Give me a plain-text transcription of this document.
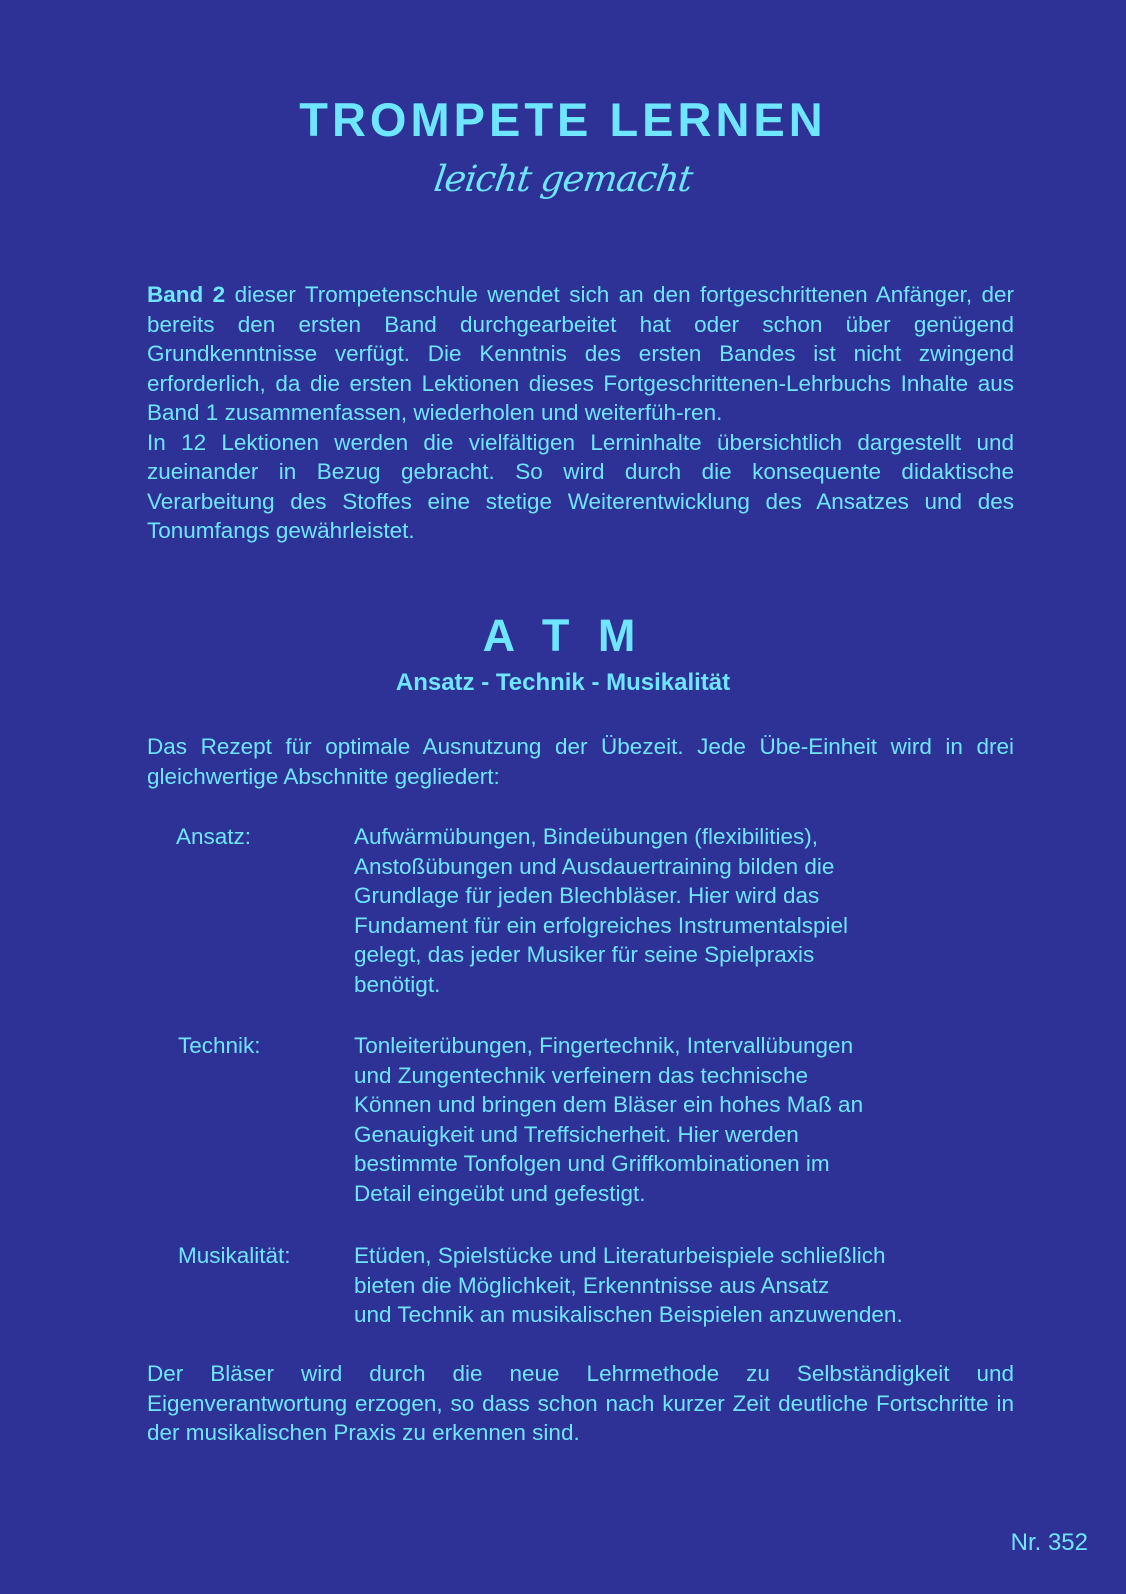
TROMPETE LERNEN
leicht gemacht

Band 2 dieser Trompetenschule wendet sich an den fortgeschrittenen Anfänger, der bereits den ersten Band durchgearbeitet hat oder schon über genügend Grundkenntnisse verfügt. Die Kenntnis des ersten Bandes ist nicht zwingend erforderlich, da die ersten Lektionen dieses Fortgeschrittenen-Lehrbuchs Inhalte aus Band 1 zusammenfassen, wiederholen und weiterfüh-ren.

In 12 Lektionen werden die vielfältigen Lerninhalte übersichtlich dargestellt und zueinander in Bezug gebracht. So wird durch die konsequente didaktische Verarbeitung des Stoffes eine stetige Weiterentwicklung des Ansatzes und des Tonumfangs gewährleistet.

A T M
Ansatz - Technik - Musikalität
Das Rezept für optimale Ausnutzung der Übezeit. Jede Übe-Einheit wird in drei gleichwertige Abschnitte gegliedert:
Ansatz:	Aufwärmübungen, Bindeübungen (flexibilities),
Anstoßübungen und Ausdauertraining bilden die
Grundlage für jeden Blechbläser. Hier wird das
Fundament für ein erfolgreiches Instrumentalspiel
gelegt, das jeder Musiker für seine Spielpraxis
benötigt.
Technik:	Tonleiterübungen, Fingertechnik, Intervallübungen
und Zungentechnik verfeinern das technische
Können und bringen dem Bläser ein hohes Maß an
Genauigkeit und Treffsicherheit. Hier werden
bestimmte Tonfolgen und Griffkombinationen im
Detail eingeübt und gefestigt.
Musikalität:	Etüden, Spielstücke und Literaturbeispiele schließlich
bieten die Möglichkeit, Erkenntnisse aus Ansatz
und Technik an musikalischen Beispielen anzuwenden.
Der Bläser wird durch die neue Lehrmethode zu Selbständigkeit und Eigenverantwortung erzogen, so dass schon nach kurzer Zeit deutliche Fortschritte in der musikalischen Praxis zu erkennen sind.
Nr. 352
